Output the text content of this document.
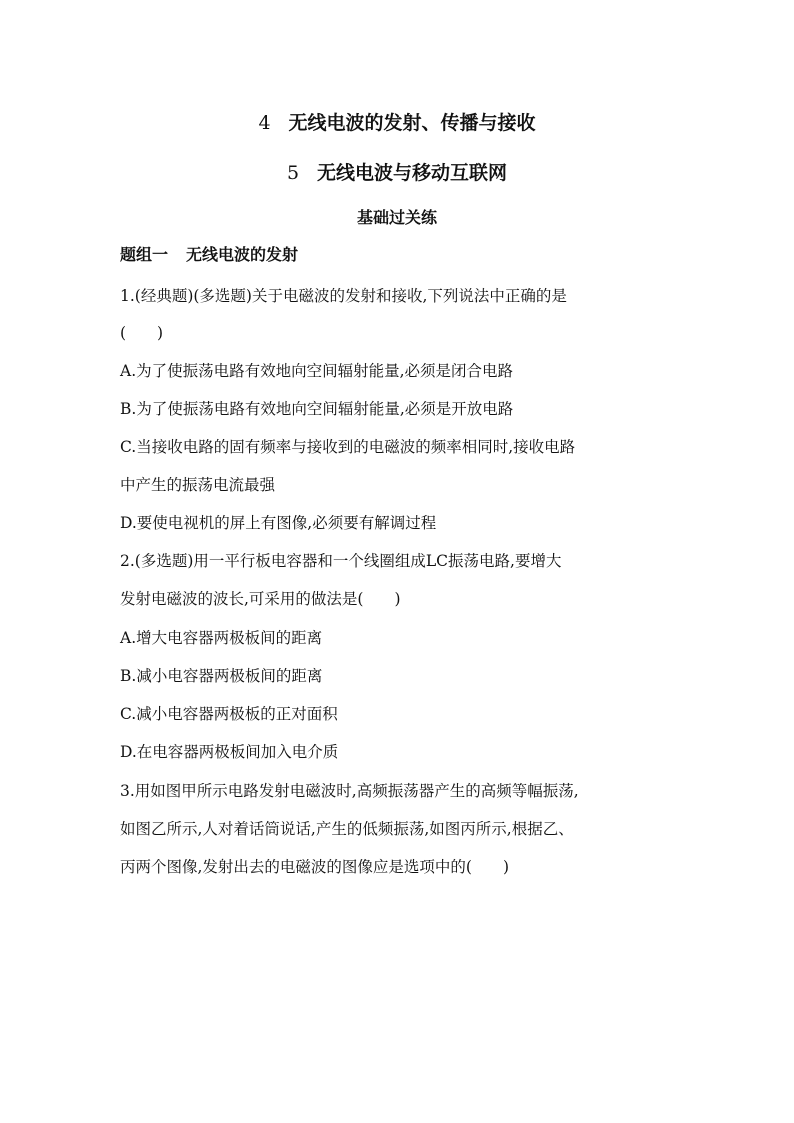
4 无线电波的发射、传播与接收
5 无线电波与移动互联网
基础过关练
题组一 无线电波的发射
1.(经典题)(多选题)关于电磁波的发射和接收,下列说法中正确的是
(　　)
A.为了使振荡电路有效地向空间辐射能量,必须是闭合电路
B.为了使振荡电路有效地向空间辐射能量,必须是开放电路
C.当接收电路的固有频率与接收到的电磁波的频率相同时,接收电路
中产生的振荡电流最强
D.要使电视机的屏上有图像,必须要有解调过程
2.(多选题)用一平行板电容器和一个线圈组成LC振荡电路,要增大
发射电磁波的波长,可采用的做法是(　　)
A.增大电容器两极板间的距离
B.减小电容器两极板间的距离
C.减小电容器两极板的正对面积
D.在电容器两极板间加入电介质
3.用如图甲所示电路发射电磁波时,高频振荡器产生的高频等幅振荡,
如图乙所示,人对着话筒说话,产生的低频振荡,如图丙所示,根据乙、
丙两个图像,发射出去的电磁波的图像应是选项中的(　　)
